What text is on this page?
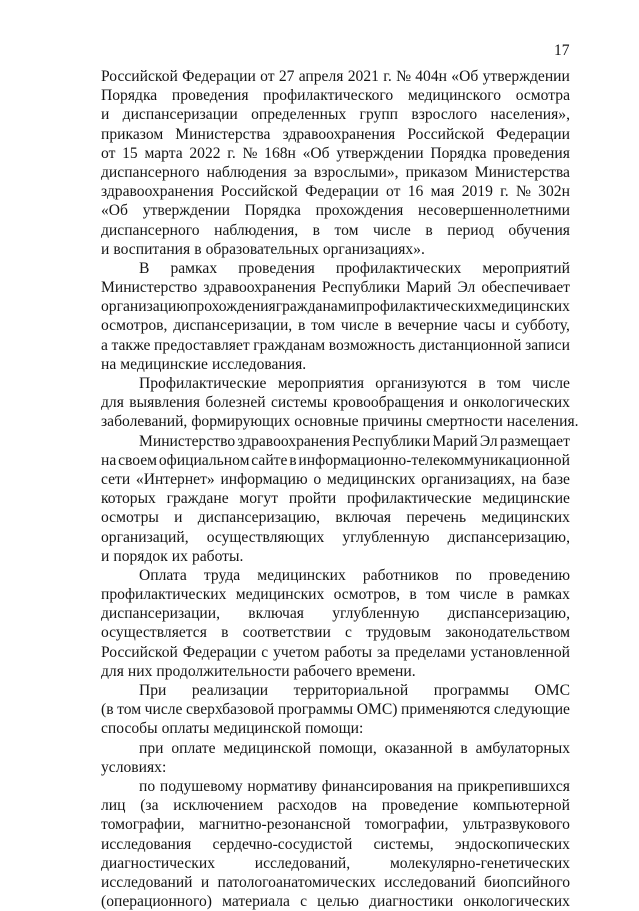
17
Российской Федерации от 27 апреля 2021 г. № 404н «Об утверждении
Порядка проведения профилактического медицинского осмотра
и диспансеризации определенных групп взрослого населения»,
приказом Министерства здравоохранения Российской Федерации
от 15 марта 2022 г. № 168н «Об утверждении Порядка проведения
диспансерного наблюдения за взрослыми», приказом Министерства
здравоохранения Российской Федерации от 16 мая 2019 г. № 302н
«Об утверждении Порядка прохождения несовершеннолетними
диспансерного наблюдения, в том числе в период обучения
и воспитания в образовательных организациях».
В рамках проведения профилактических мероприятий
Министерство здравоохранения Республики Марий Эл обеспечивает
организацию прохождения гражданами профилактических медицинских
осмотров, диспансеризации, в том числе в вечерние часы и субботу,
а также предоставляет гражданам возможность дистанционной записи
на медицинские исследования.
Профилактические мероприятия организуются в том числе
для выявления болезней системы кровообращения и онкологических
заболеваний, формирующих основные причины смертности населения.
Министерство здравоохранения Республики Марий Эл размещает
на своем официальном сайте в информационно-телекоммуникационной
сети «Интернет» информацию о медицинских организациях, на базе
которых граждане могут пройти профилактические медицинские
осмотры и диспансеризацию, включая перечень медицинских
организаций, осуществляющих углубленную диспансеризацию,
и порядок их работы.
Оплата труда медицинских работников по проведению
профилактических медицинских осмотров, в том числе в рамках
диспансеризации, включая углубленную диспансеризацию,
осуществляется в соответствии с трудовым законодательством
Российской Федерации с учетом работы за пределами установленной
для них продолжительности рабочего времени.
При реализации территориальной программы ОМС
(в том числе сверхбазовой программы ОМС) применяются следующие
способы оплаты медицинской помощи:
при оплате медицинской помощи, оказанной в амбулаторных
условиях:
по подушевому нормативу финансирования на прикрепившихся
лиц (за исключением расходов на проведение компьютерной
томографии, магнитно-резонансной томографии, ультразвукового
исследования сердечно-сосудистой системы, эндоскопических
диагностических	исследований,	молекулярно-генетических
исследований и патологоанатомических исследований биопсийного
(операционного) материала с целью диагностики онкологических
